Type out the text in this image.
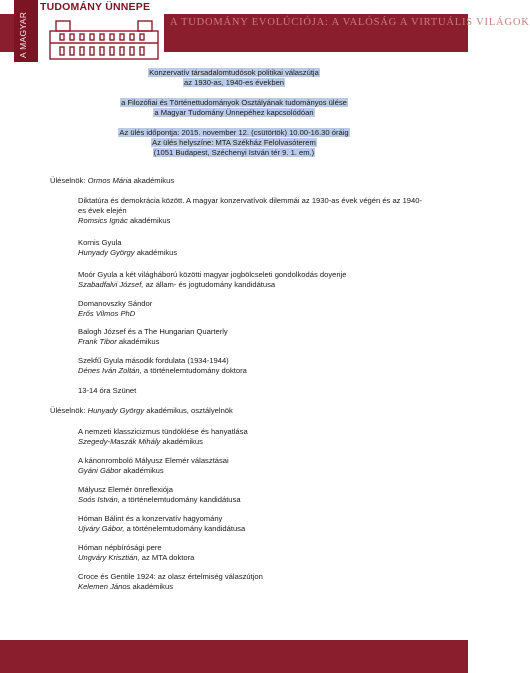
A MAGYAR
TUDOMÁNY ÜNNEPE
A TUDOMÁNY EVOLÚCIÓJA: A VALÓSÁG A VIRTUÁLIS VILÁGOK

Konzervatív társadalomtudósok politikai válaszútja

az 1930-as, 1940-es években

a Filozófiai és Történettudományok Osztályának tudományos ülése

a Magyar Tudomány Ünnepéhez kapcsolódóan

Az ülés időpontja: 2015. november 12. (csütörtök) 10.00-16.30 óráig

Az ülés helyszíne: MTA Székház Felolvasóterem

(1051 Budapest, Széchenyi István tér 9. 1. em.)

Üléselnök: Ormos Mária akadémikus

Diktatúra és demokrácia között. A magyar konzervatívok dilemmái az 1930-as évek végén és az 1940-es évek elején

Romsics Ignác akadémikus

Kornis Gyula

Hunyady György akadémikus

Moór Gyula a két világháború közötti magyar jogbölcseleti gondolkodás doyenje

Szabadfalvi József, az állam- és jogtudomány kandidátusa

Domanovszky Sándor

Erős Vilmos PhD

Balogh József és a The Hungarian Quarterly

Frank Tibor akadémikus

Szekfű Gyula második fordulata (1934-1944)

Dénes Iván Zoltán, a történelemtudomány doktora

13-14 óra Szünet

Üléselnök: Hunyady György akadémikus, osztályelnök

A nemzeti klasszicizmus tündöklése és hanyatlása

Szegedy-Maszák Mihály akadémikus

A kánonromboló Mályusz Elemér választásai

Gyáni Gábor akadémikus

Mályusz Elemér önreflexiója

Soós István, a történelemtudomány kandidátusa

Hóman Bálint és a konzervatív hagyomány

Ujváry Gábor, a történelemtudomány kandidátusa

Hóman népbírósági pere

Ungváry Krisztián, az MTA doktora

Croce és Gentile 1924: az olasz értelmiség válaszútjon

Kelemen János akadémikus
